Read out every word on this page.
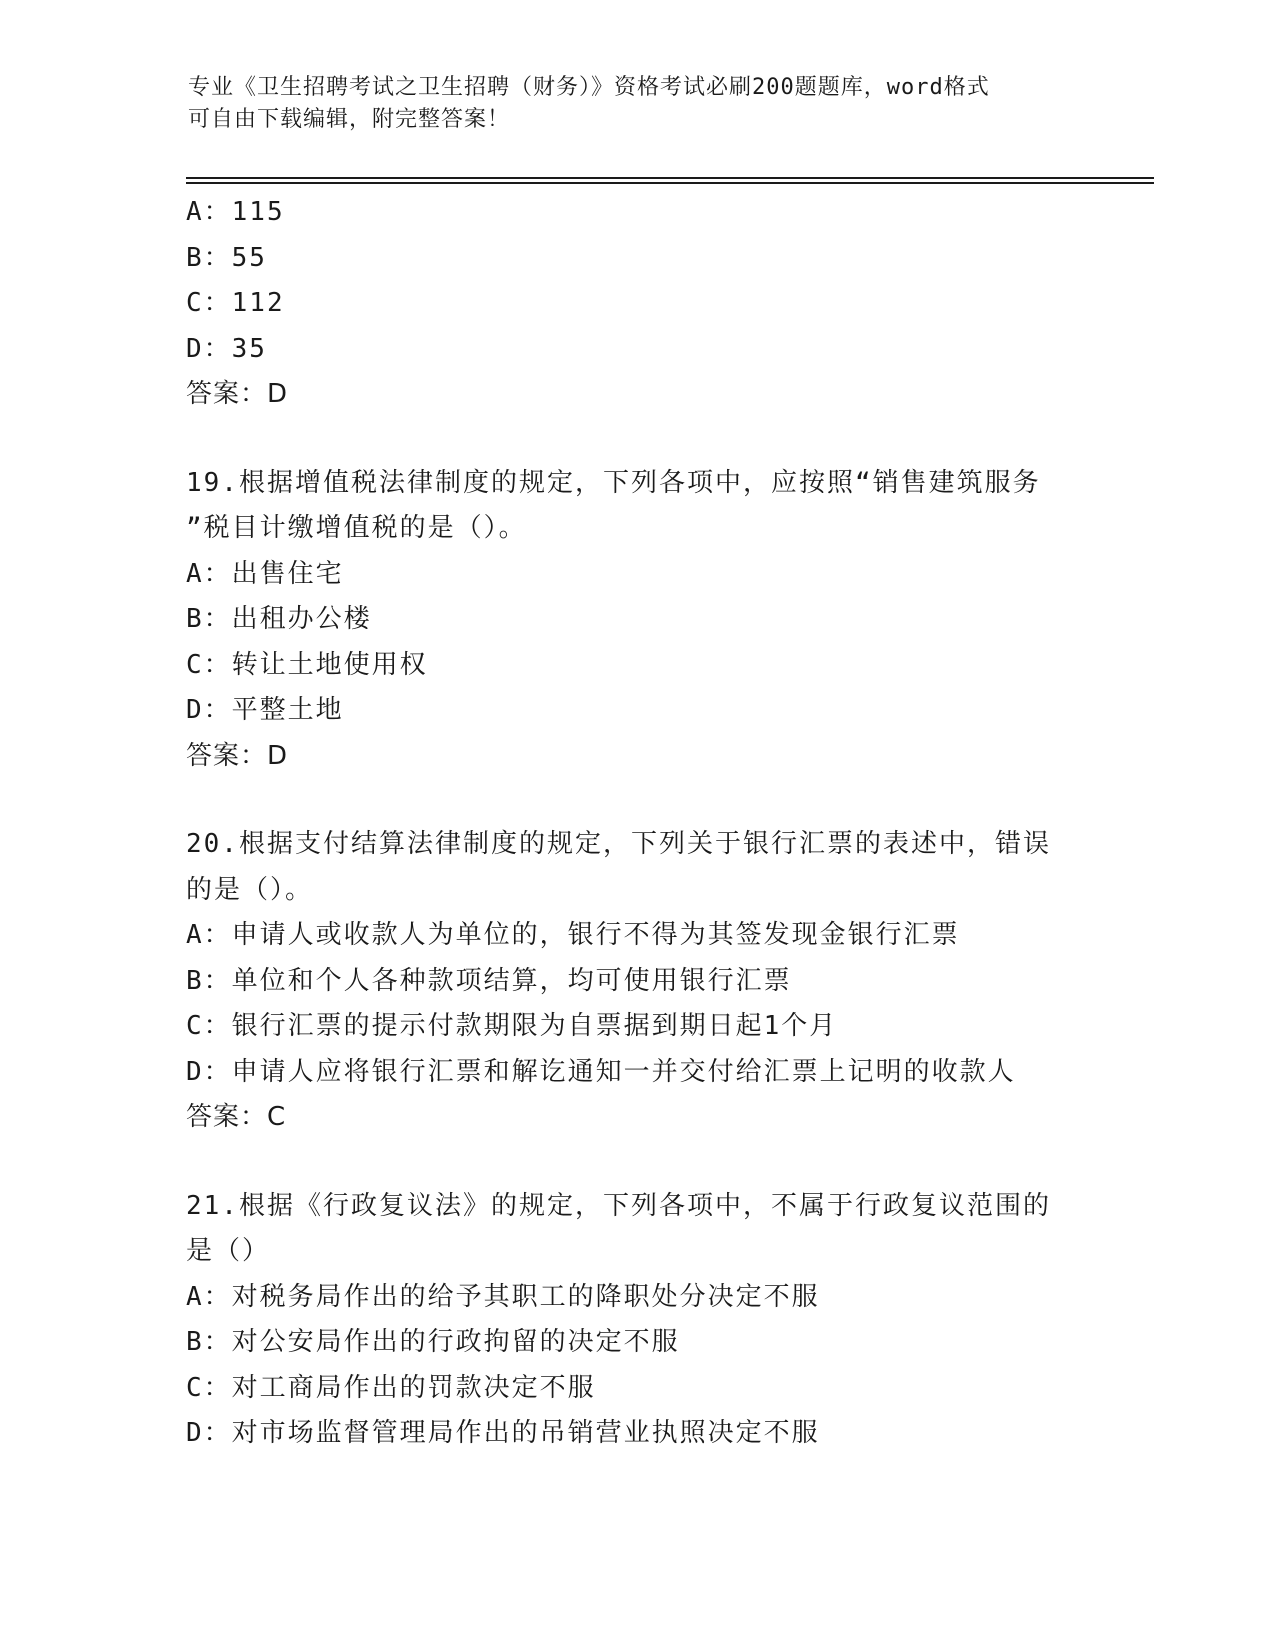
专业《卫生招聘考试之卫生招聘（财务）》资格考试必刷200题题库，word格式
可自由下载编辑，附完整答案！
A：115
B：55
C：112
D：35
答案：D
19.根据增值税法律制度的规定，下列各项中，应按照“销售建筑服务
”税目计缴增值税的是（）。
A：出售住宅
B：出租办公楼
C：转让土地使用权
D：平整土地
答案：D
20.根据支付结算法律制度的规定，下列关于银行汇票的表述中，错误
的是（）。
A：申请人或收款人为单位的，银行不得为其签发现金银行汇票
B：单位和个人各种款项结算，均可使用银行汇票
C：银行汇票的提示付款期限为自票据到期日起1个月
D：申请人应将银行汇票和解讫通知一并交付给汇票上记明的收款人
答案：C
21.根据《行政复议法》的规定，下列各项中，不属于行政复议范围的
是（）
A：对税务局作出的给予其职工的降职处分决定不服
B：对公安局作出的行政拘留的决定不服
C：对工商局作出的罚款决定不服
D：对市场监督管理局作出的吊销营业执照决定不服
